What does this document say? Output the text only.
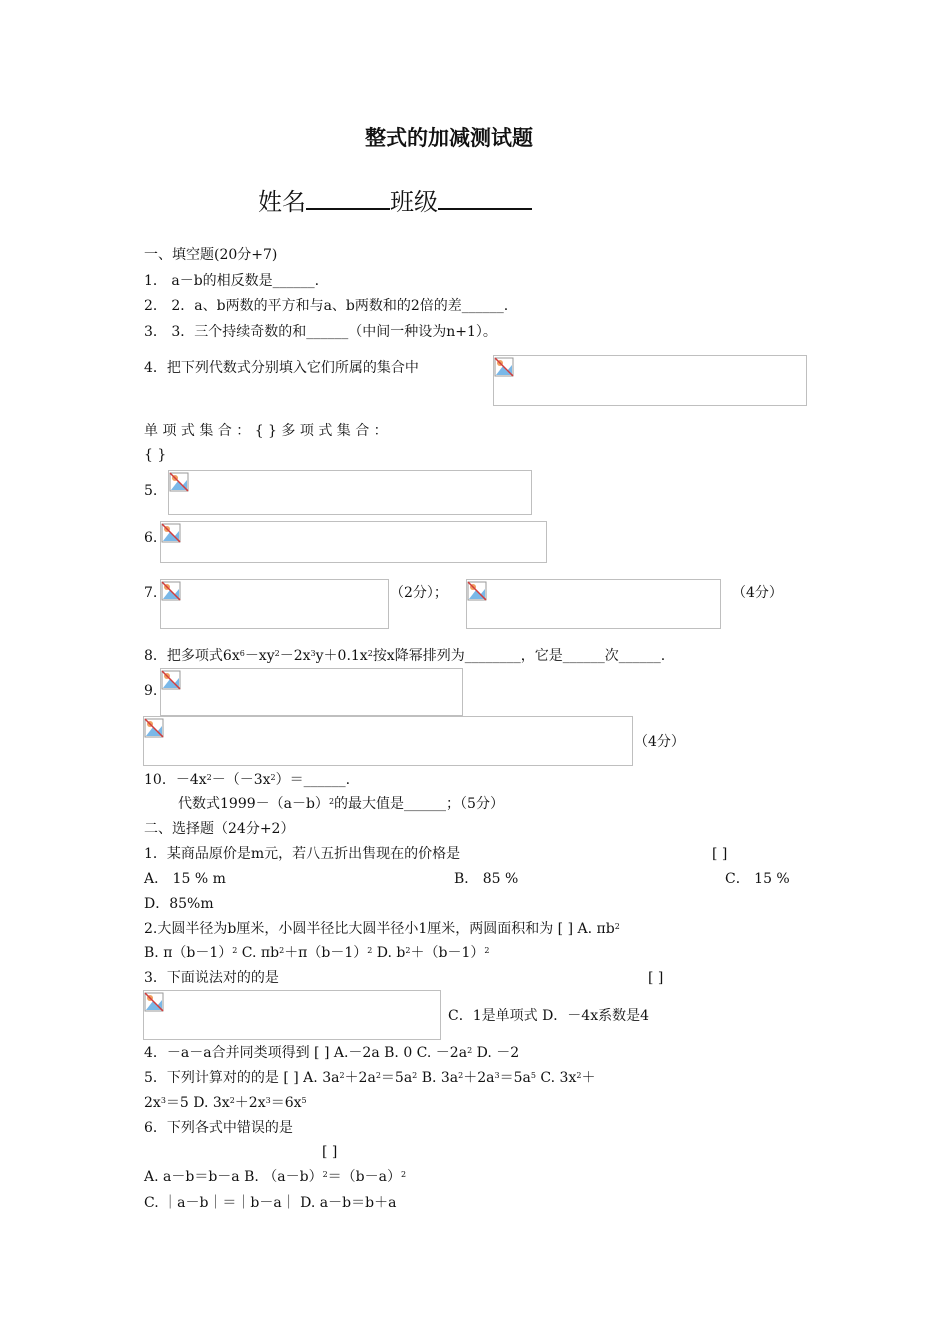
整式的加减测试题
姓名	班级
一、填空题(20分+7)
1． a－b的相反数是______.
2． 2．a、b两数的平方和与a、b两数和的2倍的差______.
3． 3．三个持续奇数的和______（中间一种设为n+1）。
4．把下列代数式分别填入它们所属的集合中
单 项 式 集 合 ： { } 多 项 式 集 合 ：
{ }
5.
6.
7.	（2分）；	（4分）
8．把多项式$6x^6-xy^2-2x^3y+0.1x^2$按x降幂排列为________，它是______次______.
9.
（4分）
10．$-4x^2-(-3x^2)=\_\_\_\_\_\_$.
代数式$1999-(a-b)^2$的最大值是______；（5分）
二、选择题（24分+2）
1．某商品原价是m元，若八五折出售现在的价格是	[ ]
A． 15 % m	B． 85 %	C． 15 %
D．85%m
2.大圆半径为b厘米，小圆半径比大圆半径小1厘米，两圆面积和为 [ ] A. $\pi b^2$
B. $\pi(b-1)^2$ C. $\pi b^2+\pi(b-1)^2$ D. $b^2+(b-1)^2$
3．下面说法对的的是	[ ]
C．1是单项式 D．－4x系数是4
4．－a－a合并同类项得到 [ ] A.－2a B. 0 C. $-2a^2$ D. －2
5．下列计算对的的是 [ ] A. $3a^2+2a^2=5a^2$ B. $3a^2+2a^3=5a^5$ C. $3x^2+$
$2x^3=5$ D. $3x^2+2x^3=6x^5$
6．下列各式中错误的是
[ ]
A. a－b＝b－a B. $(a-b)^2=(b-a)^2$
C. ｜a－b｜＝｜b－a｜ D. a－b＝b＋a
